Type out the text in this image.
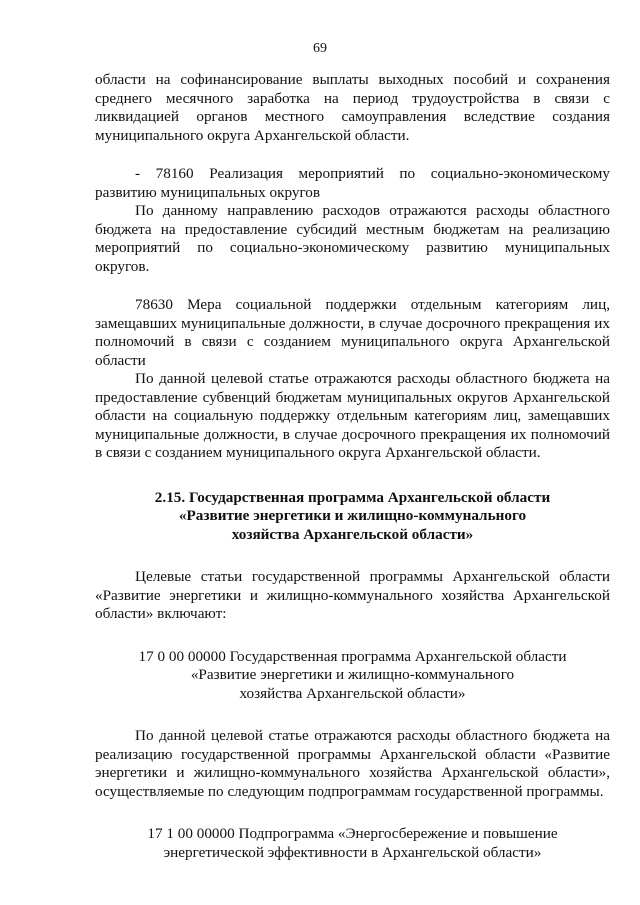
69

области на софинансирование выплаты выходных пособий и сохранения среднего месячного заработка на период трудоустройства в связи с ликвидацией органов местного самоуправления вследствие создания муниципального округа Архангельской области.

- 78160 Реализация мероприятий по социально-экономическому развитию муниципальных округов

По данному направлению расходов отражаются расходы областного бюджета на предоставление субсидий местным бюджетам на реализацию мероприятий по социально-экономическому развитию муниципальных округов.

78630 Мера социальной поддержки отдельным категориям лиц, замещавших муниципальные должности, в случае досрочного прекращения их полномочий в связи с созданием муниципального округа Архангельской области

По данной целевой статье отражаются расходы областного бюджета на предоставление субвенций бюджетам муниципальных округов Архангельской области на социальную поддержку отдельным категориям лиц, замещавших муниципальные должности, в случае досрочного прекращения их полномочий в связи с созданием муниципального округа Архангельской области.

2.15. Государственная программа Архангельской области
«Развитие энергетики и жилищно-коммунального
хозяйства Архангельской области»

Целевые статьи государственной программы Архангельской области «Развитие энергетики и жилищно-коммунального хозяйства Архангельской области» включают:

17 0 00 00000 Государственная программа Архангельской области
«Развитие энергетики и жилищно-коммунального
хозяйства Архангельской области»

По данной целевой статье отражаются расходы областного бюджета на реализацию государственной программы Архангельской области «Развитие энергетики и жилищно-коммунального хозяйства Архангельской области», осуществляемые по следующим подпрограммам государственной программы.

17 1 00 00000 Подпрограмма «Энергосбережение и повышение
энергетической эффективности в Архангельской области»
